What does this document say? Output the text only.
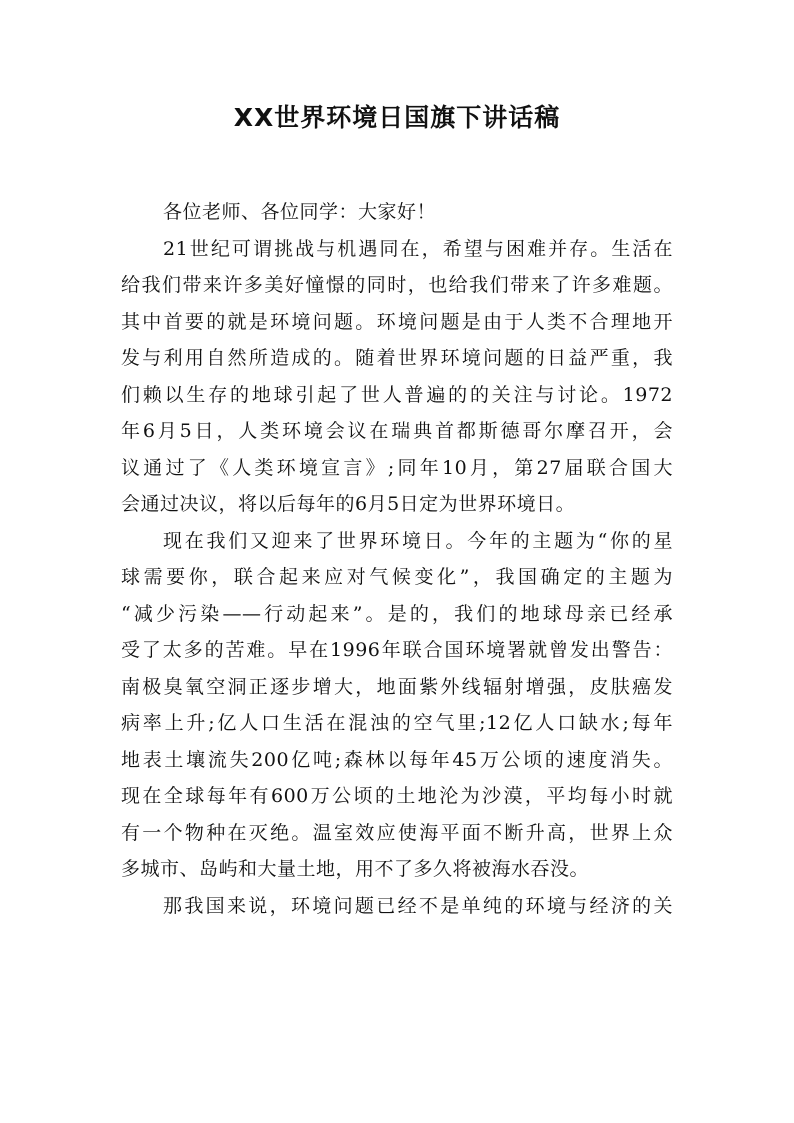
XX世界环境日国旗下讲话稿
各位老师、各位同学：大家好！
21世纪可谓挑战与机遇同在，希望与困难并存。生活在
给我们带来许多美好憧憬的同时，也给我们带来了许多难题。
其中首要的就是环境问题。环境问题是由于人类不合理地开
发与利用自然所造成的。随着世界环境问题的日益严重，我
们赖以生存的地球引起了世人普遍的的关注与讨论。1972
年6月5日，人类环境会议在瑞典首都斯德哥尔摩召开，会
议通过了《人类环境宣言》;同年10月，第27届联合国大
会通过决议，将以后每年的6月5日定为世界环境日。
现在我们又迎来了世界环境日。今年的主题为“你的星
球需要你，联合起来应对气候变化”，我国确定的主题为
“减少污染——行动起来”。是的，我们的地球母亲已经承
受了太多的苦难。早在1996年联合国环境署就曾发出警告：
南极臭氧空洞正逐步增大，地面紫外线辐射增强，皮肤癌发
病率上升;亿人口生活在混浊的空气里;12亿人口缺水;每年
地表土壤流失200亿吨;森林以每年45万公顷的速度消失。
现在全球每年有600万公顷的土地沦为沙漠，平均每小时就
有一个物种在灭绝。温室效应使海平面不断升高，世界上众
多城市、岛屿和大量土地，用不了多久将被海水吞没。
那我国来说，环境问题已经不是单纯的环境与经济的关
